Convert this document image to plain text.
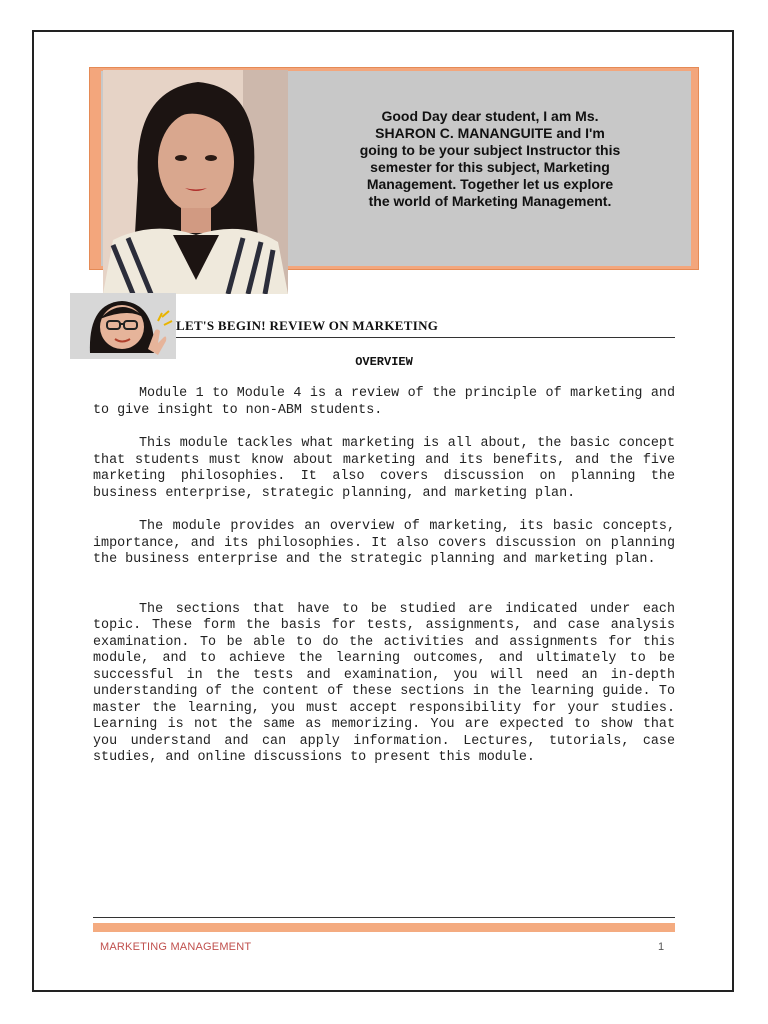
Good Day dear student, I am Ms. SHARON C. MANANGUITE and I'm going to be your subject Instructor this semester for this subject, Marketing Management. Together let us explore the world of Marketing Management.
LET'S BEGIN! REVIEW ON MARKETING
OVERVIEW

Module 1 to Module 4 is a review of the principle of marketing and to give insight to non-ABM students.

This module tackles what marketing is all about, the basic concept that students must know about marketing and its benefits, and the five marketing philosophies. It also covers discussion on planning the business enterprise, strategic planning, and marketing plan.

The module provides an overview of marketing, its basic concepts, importance, and its philosophies. It also covers discussion on planning the business enterprise and the strategic planning and marketing plan.

The sections that have to be studied are indicated under each topic. These form the basis for tests, assignments, and case analysis examination. To be able to do the activities and assignments for this module, and to achieve the learning outcomes, and ultimately to be successful in the tests and examination, you will need an in-depth understanding of the content of these sections in the learning guide. To master the learning, you must accept responsibility for your studies. Learning is not the same as memorizing. You are expected to show that you understand and can apply information. Lectures, tutorials, case studies, and online discussions to present this module.

MARKETING MANAGEMENT	1
